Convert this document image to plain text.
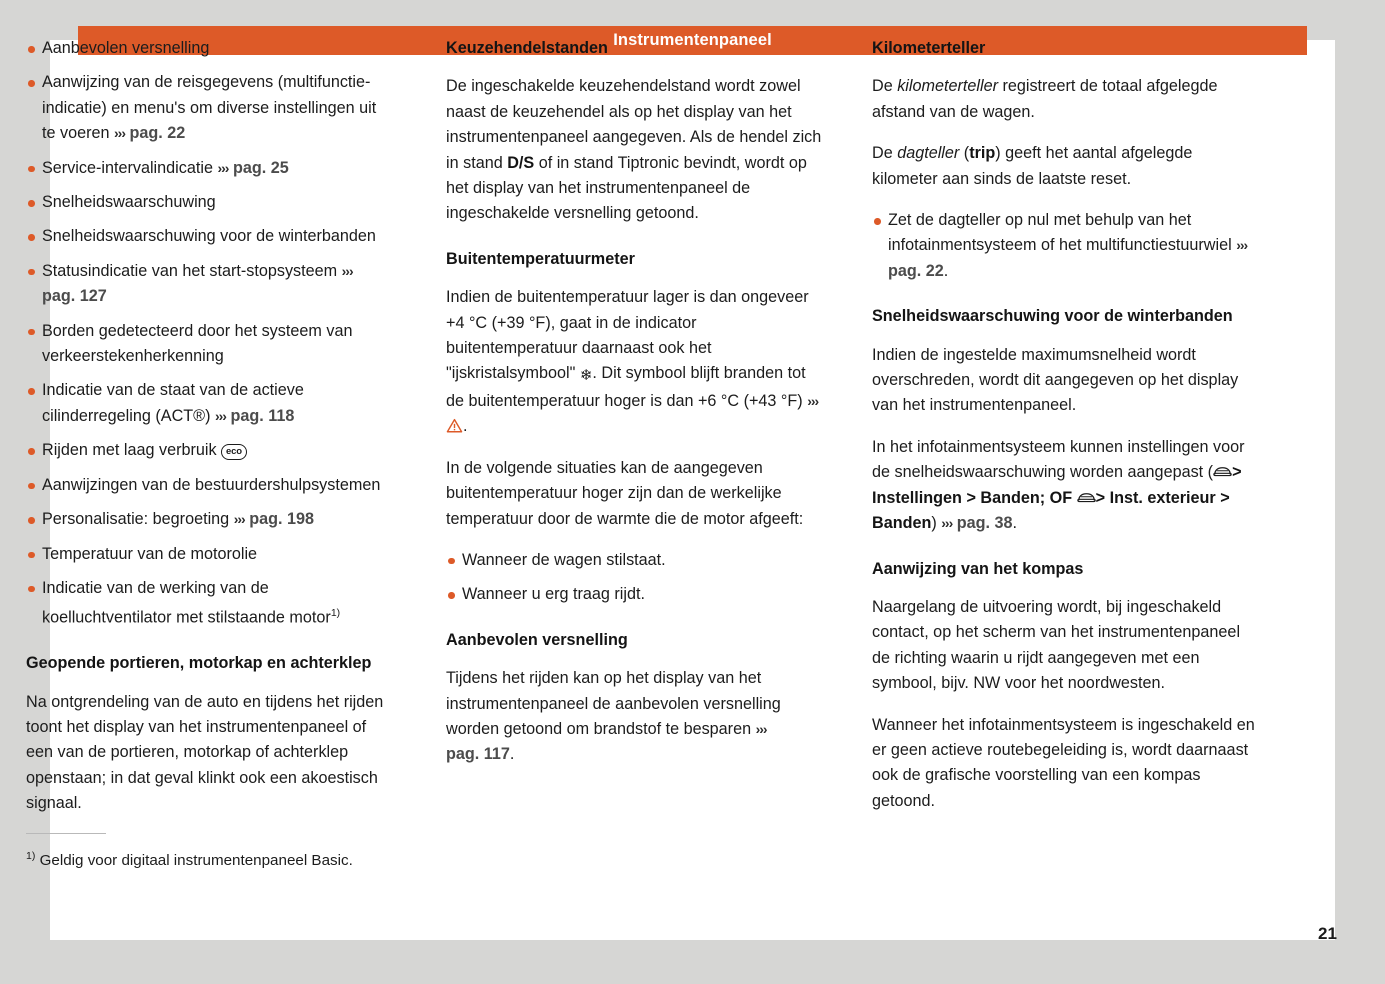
Instrumentenpaneel
21
Aanbevolen versnelling
Aanwijzing van de reisgegevens (multifunctie-indicatie) en menu's om diverse instellingen uit te voeren ››› pag. 22
Service-intervalindicatie ››› pag. 25
Snelheidswaarschuwing
Snelheidswaarschuwing voor de winterbanden
Statusindicatie van het start-stopsysteem ››› pag. 127
Borden gedetecteerd door het systeem van verkeerstekenherkenning
Indicatie van de staat van de actieve cilinderregeling (ACT®) ››› pag. 118
Rijden met laag verbruik eco
Aanwijzingen van de bestuurdershulpsystemen
Personalisatie: begroeting ››› pag. 198
Temperatuur van de motorolie
Indicatie van de werking van de koelluchtventilator met stilstaande motor$^{1)}$
Geopende portieren, motorkap en achterklep

Na ontgrendeling van de auto en tijdens het rijden toont het display van het instrumentenpaneel of een van de portieren, motorkap of achterklep openstaan; in dat geval klinkt ook een akoestisch signaal.

$^{1)}$ Geldig voor digitaal instrumentenpaneel Basic.

Keuzehendelstanden

De ingeschakelde keuzehendelstand wordt zowel naast de keuzehendel als op het display van het instrumentenpaneel aangegeven. Als de hendel zich in stand D/S of in stand Tiptronic bevindt, wordt op het display van het instrumentenpaneel de ingeschakelde versnelling getoond.

Buitentemperatuurmeter

Indien de buitentemperatuur lager is dan ongeveer +4 °C (+39 °F), gaat in de indicator buitentemperatuur daarnaast ook het "ijskristalsymbool" ❄. Dit symbool blijft branden tot de buitentemperatuur hoger is dan +6 °C (+43 °F) ››› .

In de volgende situaties kan de aangegeven buitentemperatuur hoger zijn dan de werkelijke temperatuur door de warmte die de motor afgeeft:

Wanneer de wagen stilstaat.
Wanneer u erg traag rijdt.
Aanbevolen versnelling

Tijdens het rijden kan op het display van het instrumentenpaneel de aanbevolen versnelling worden getoond om brandstof te besparen ››› pag. 117.

Kilometerteller

De kilometerteller registreert de totaal afgelegde afstand van de wagen.

De dagteller (trip) geeft het aantal afgelegde kilometer aan sinds de laatste reset.

Zet de dagteller op nul met behulp van het infotainmentsysteem of het multifunctiestuurwiel ››› pag. 22.
Snelheidswaarschuwing voor de winterbanden

Indien de ingestelde maximumsnelheid wordt overschreden, wordt dit aangegeven op het display van het instrumentenpaneel.

In het infotainmentsysteem kunnen instellingen voor de snelheidswaarschuwing worden aangepast ( > Instellingen > Banden; OF > Inst. exterieur > Banden) ››› pag. 38.

Aanwijzing van het kompas

Naargelang de uitvoering wordt, bij ingeschakeld contact, op het scherm van het instrumentenpaneel de richting waarin u rijdt aangegeven met een symbool, bijv. NW voor het noordwesten.

Wanneer het infotainmentsysteem is ingeschakeld en er geen actieve routebegeleiding is, wordt daarnaast ook de grafische voorstelling van een kompas getoond.
